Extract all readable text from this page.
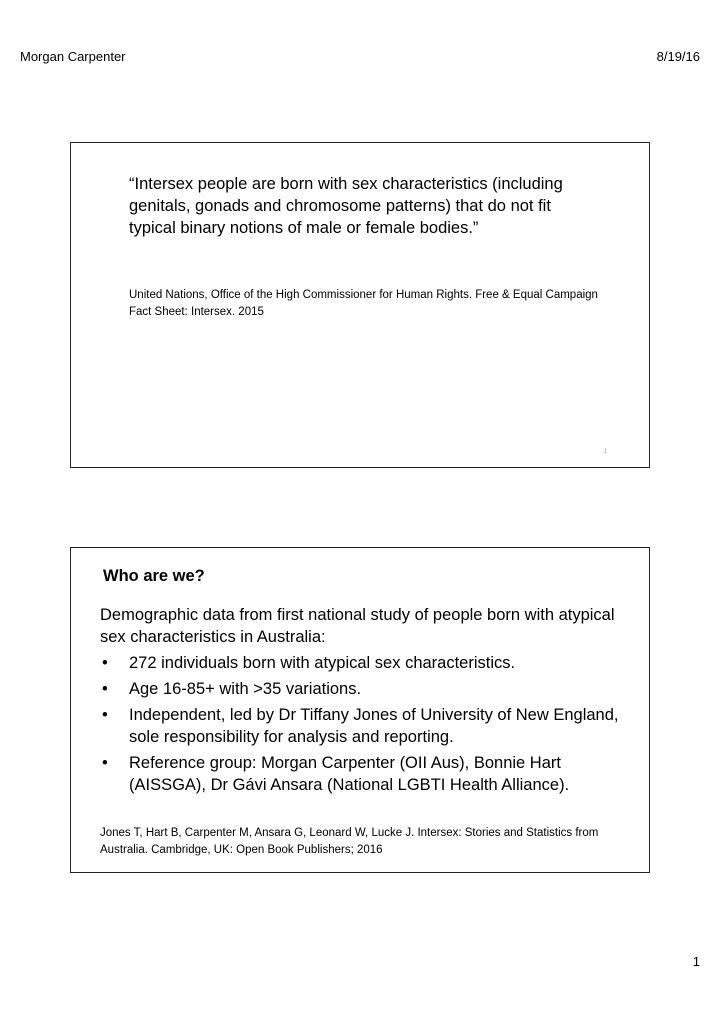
Morgan Carpenter	8/19/16
“Intersex people are born with sex characteristics (including genitals, gonads and chromosome patterns) that do not fit typical binary notions of male or female bodies.”
United Nations, Office of the High Commissioner for Human Rights. Free & Equal Campaign Fact Sheet: Intersex. 2015
1
Who are we?

Demographic data from first national study of people born with atypical sex characteristics in Australia:

• 272 individuals born with atypical sex characteristics.
• Age 16-85+ with >35 variations.
• Independent, led by Dr Tiffany Jones of University of New England, sole responsibility for analysis and reporting.
• Reference group: Morgan Carpenter (OII Aus), Bonnie Hart (AISSGA), Dr Gávi Ansara (National LGBTI Health Alliance).
Jones T, Hart B, Carpenter M, Ansara G, Leonard W, Lucke J. Intersex: Stories and Statistics from Australia. Cambridge, UK: Open Book Publishers; 2016
1
